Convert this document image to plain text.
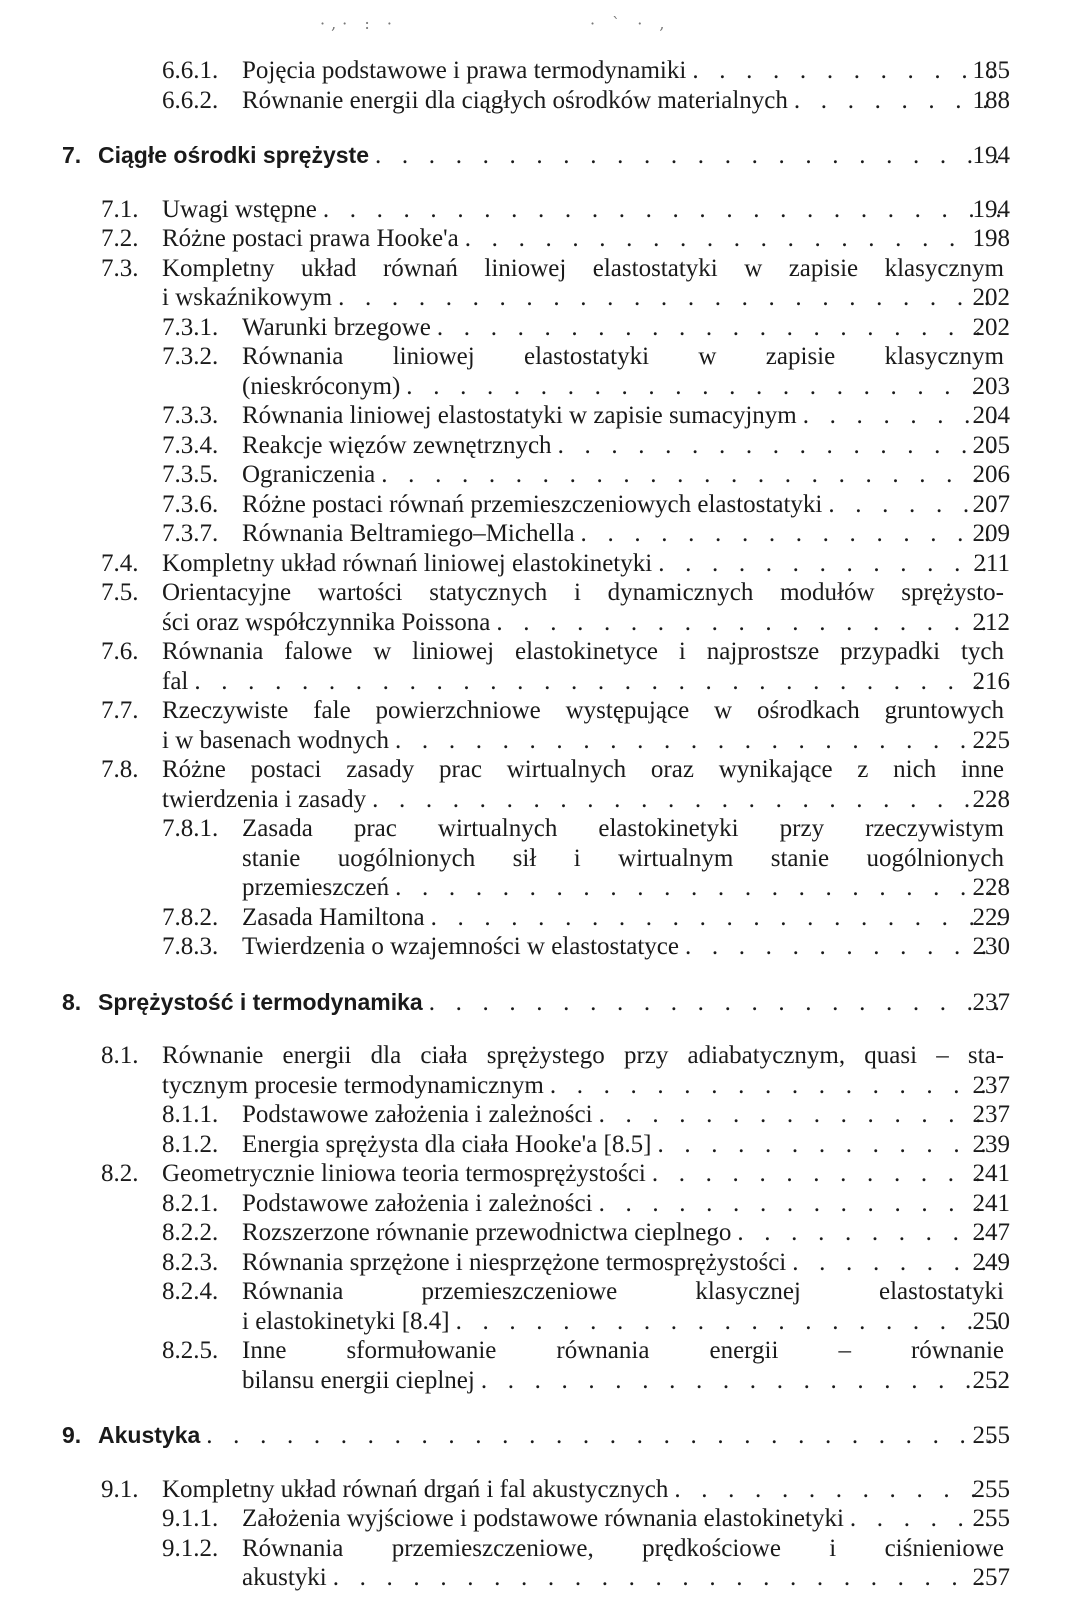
·,· : ·	· ` · ,
6.6.1. Pojęcia podstawowe i prawa termodynamiki . . .	185
6.6.2. Równanie energii dla ciągłych ośrodków materialnych . . .	188
7. Ciągłe ośrodki sprężyste . . .	194
7.1. Uwagi wstępne . . .	194
7.2. Różne postaci prawa Hooke'a . . .	198
7.3. Kompletny układ równań liniowej elastostatyki w zapisie klasycznym
i wskaźnikowym . . .	202
7.3.1. Warunki brzegowe . . .	202
7.3.2. Równania liniowej elastostatyki w zapisie klasycznym
(nieskróconym) . . .	203
7.3.3. Równania liniowej elastostatyki w zapisie sumacyjnym . . .	204
7.3.4. Reakcje więzów zewnętrznych . . .	205
7.3.5. Ograniczenia . . .	206
7.3.6. Różne postaci równań przemieszczeniowych elastostatyki . . .	207
7.3.7. Równania Beltramiego–Michella . . .	209
7.4. Kompletny układ równań liniowej elastokinetyki . . .	211
7.5. Orientacyjne wartości statycznych i dynamicznych modułów sprężysto-
ści oraz współczynnika Poissona . . .	212
7.6. Równania falowe w liniowej elastokinetyce i najprostsze przypadki tych
fal . . .	216
7.7. Rzeczywiste fale powierzchniowe występujące w ośrodkach gruntowych
i w basenach wodnych . . .	225
7.8. Różne postaci zasady prac wirtualnych oraz wynikające z nich inne
twierdzenia i zasady . . .	228
7.8.1. Zasada prac wirtualnych elastokinetyki przy rzeczywistym
stanie uogólnionych sił i wirtualnym stanie uogólnionych
przemieszczeń . . .	228
7.8.2. Zasada Hamiltona . . .	229
7.8.3. Twierdzenia o wzajemności w elastostatyce . . .	230
8. Sprężystość i termodynamika . . .	237
8.1. Równanie energii dla ciała sprężystego przy adiabatycznym, quasi – sta-
tycznym procesie termodynamicznym . . .	237
8.1.1. Podstawowe założenia i zależności . . .	237
8.1.2. Energia sprężysta dla ciała Hooke'a [8.5] . . .	239
8.2. Geometrycznie liniowa teoria termosprężystości . . .	241
8.2.1. Podstawowe założenia i zależności . . .	241
8.2.2. Rozszerzone równanie przewodnictwa cieplnego . . .	247
8.2.3. Równania sprzężone i niesprzężone termosprężystości . . .	249
8.2.4. Równania przemieszczeniowe klasycznej elastostatyki
i elastokinetyki [8.4] . . .	250
8.2.5. Inne sformułowanie równania energii – równanie
bilansu energii cieplnej . . .	252
9. Akustyka . . .	255
9.1. Kompletny układ równań drgań i fal akustycznych . . .	255
9.1.1. Założenia wyjściowe i podstawowe równania elastokinetyki . . .	255
9.1.2. Równania przemieszczeniowe, prędkościowe i ciśnieniowe
akustyki . . .	257
